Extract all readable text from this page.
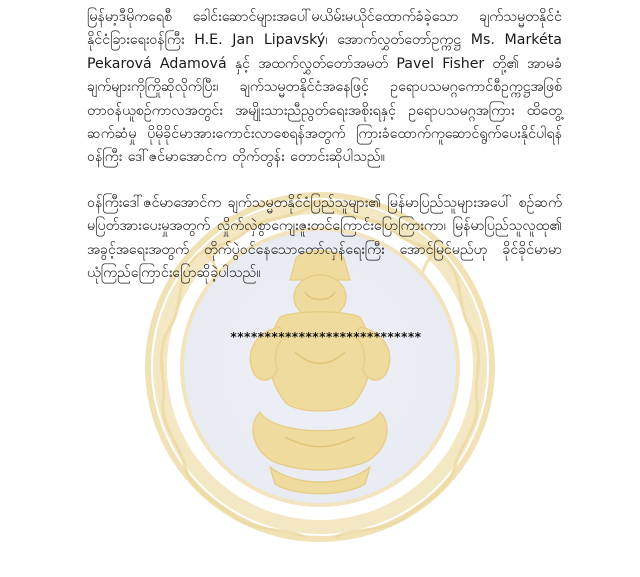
မြန်မာ့ဒီမိုကရေစီ ခေါင်းဆောင်များအပေါ်မယိမ်းမယိုင်ထောက်ခံခဲ့သော ချက်သမ္မတနိုင်ငံ နိုင်ငံခြားရေးဝန်ကြီး H.E. Jan Lipavský၊ အောက်လွှတ်တော်ဥက္ကဋ္ဌ Ms. Markéta Pekarová Adamová နှင့် အထက်လွှတ်တော်အမတ် Pavel Fisher တို့၏ အာမခံချက်များကိုကြိုဆိုလိုက်ပြီး၊ ချက်သမ္မတနိုင်ငံအနေဖြင့် ဥရောပသမဂ္ဂကောင်စီဥက္ကဋ္ဌအဖြစ် တာဝန်ယူစဉ်ကာလအတွင်း အမျိုးသားညီညွတ်ရေးအစိုးရနှင့် ဥရောပသမဂ္ဂအကြား ထိတွေ့ဆက်ဆံမှု ပိုမိုခိုင်မာအားကောင်းလာစေရန်အတွက် ကြားခံထောက်ကူဆောင်ရွက်ပေးနိုင်ပါရန် ဝန်ကြီး ဒေါ်ဇင်မာအောင်က တိုက်တွန်း တောင်းဆိုပါသည်။

ဝန်ကြီးဒေါ်ဇင်မာအောင်က ချက်သမ္မတနိုင်ငံပြည်သူများ၏ မြန်မာပြည်သူများအပေါ် စဉ်ဆက်မပြတ်အားပေးမှုအတွက် လှိုက်လှဲစွာကျေးဇူးတင်ကြောင်းပြောကြားကာ၊ မြန်မာပြည်သူလူထု၏ အခွင့်အရေးအတွက် တိုက်ပွဲဝင်နေသောတော်လှန်ရေးကြီး အောင်မြင်မည်ဟု ခိုင်ခိုင်မာမာ ယုံကြည်ကြောင်းပြောဆိုခဲ့ပါသည်။

****************************
